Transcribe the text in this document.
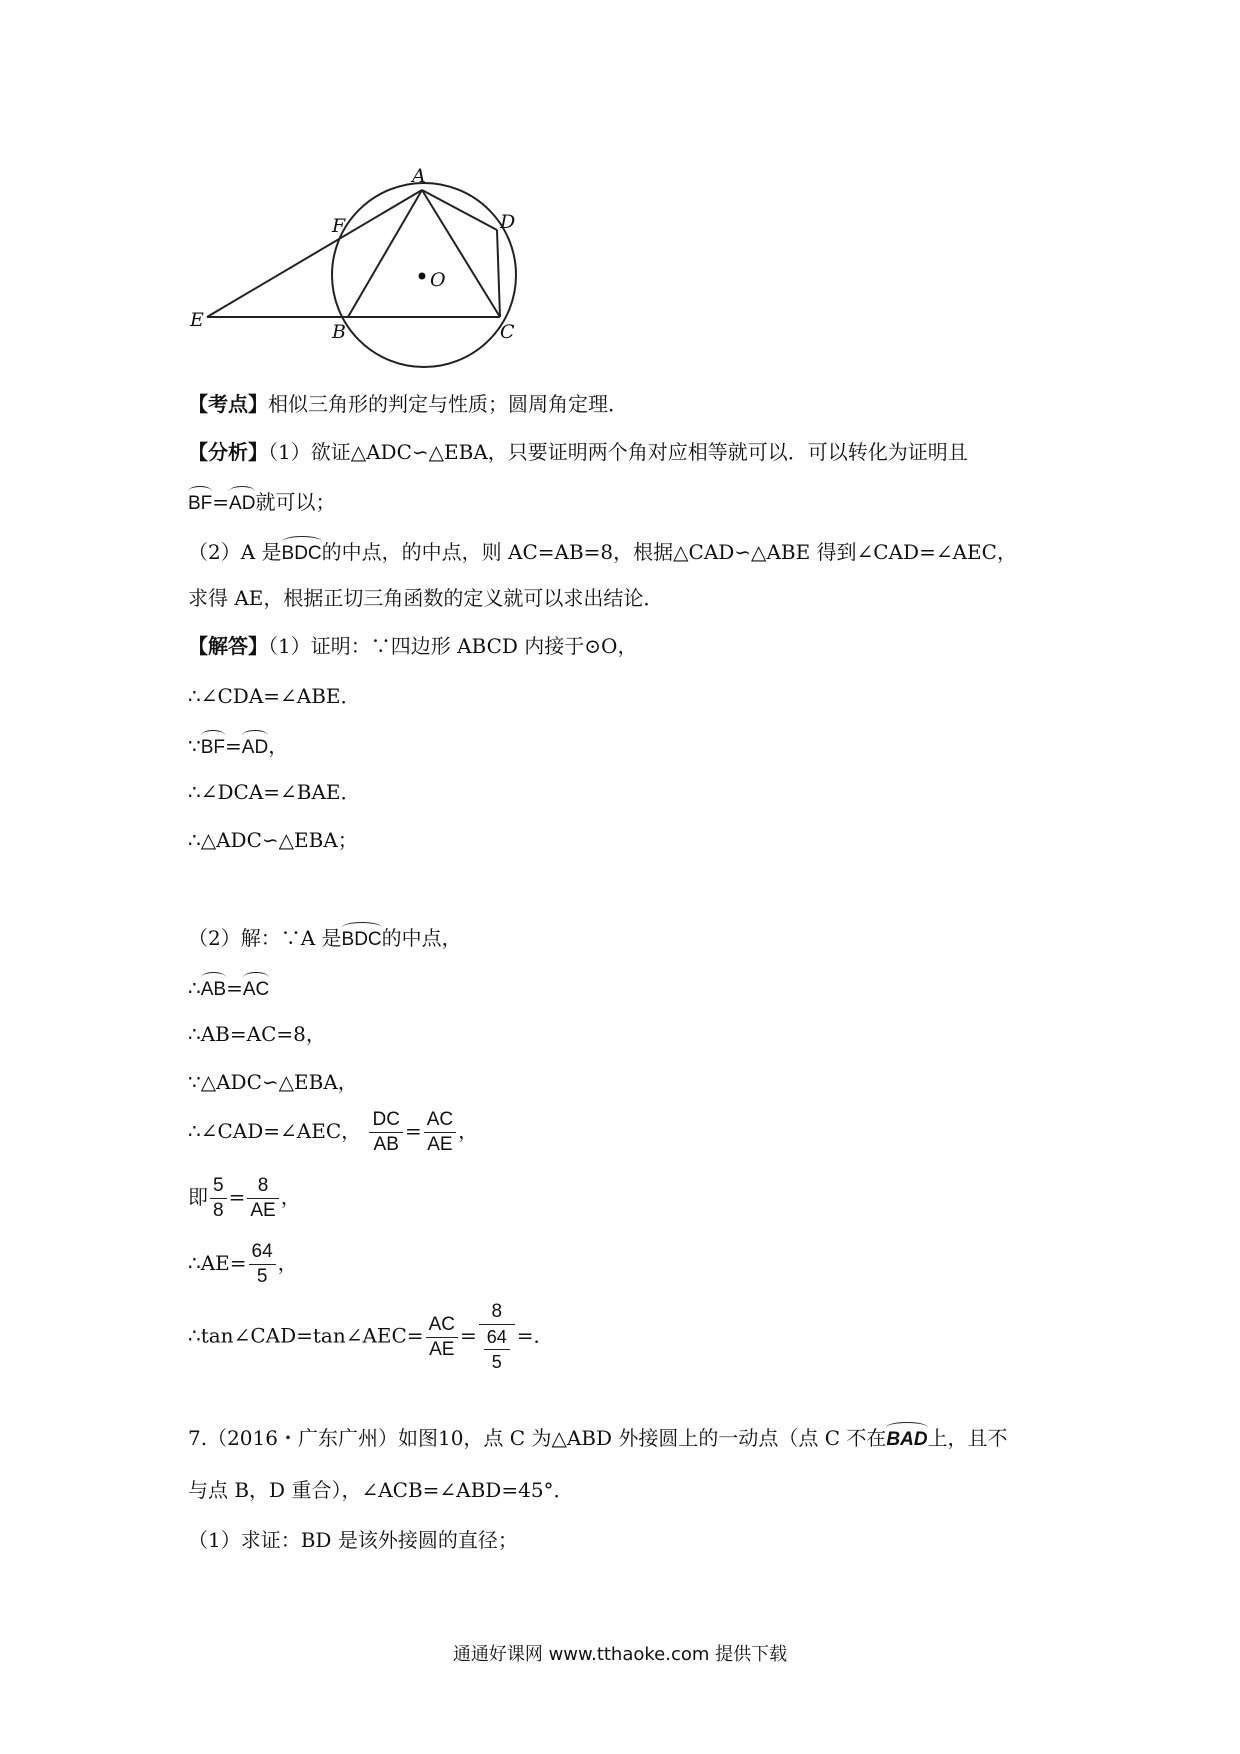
A
B	C
D
E
F
O
【考点】相似三角形的判定与性质；圆周角定理．
【分析】（1）欲证△ADC∽△EBA，只要证明两个角对应相等就可以．可以转化为证明且
BF=AD就可以；
（2）A 是BDC的中点，的中点，则 AC=AB=8，根据△CAD∽△ABE 得到∠CAD=∠AEC，
求得 AE，根据正切三角函数的定义就可以求出结论．
【解答】（1）证明：∵四边形 ABCD 内接于⊙O，
∴∠CDA=∠ABE．
∵BF=AD，
∴∠DCA=∠BAE．
∴△ADC∽△EBA；
（2）解：∵A 是BDC的中点，
∴AB=AC
∴AB=AC=8，
∵△ADC∽△EBA，
∴∠CAD=∠AEC， $\frac{DC}{AB} = \frac{AC}{AE}$ ，
即 $\frac{5}{8} = \frac{8}{AE}$ ，
∴AE= $\frac{64}{5}$ ，
∴tan∠CAD=tan∠AEC= $\frac{AC}{AE} = \frac{8}{\frac{64}{5}}$ =．
7.（2016・广东广州）如图10，点 C 为△ABD 外接圆上的一动点（点 C 不在BAD上，且不
与点 B，D 重合），∠ACB=∠ABD=45°．
（1）求证：BD 是该外接圆的直径；
通通好课网 www.tthaoke.com 提供下载
